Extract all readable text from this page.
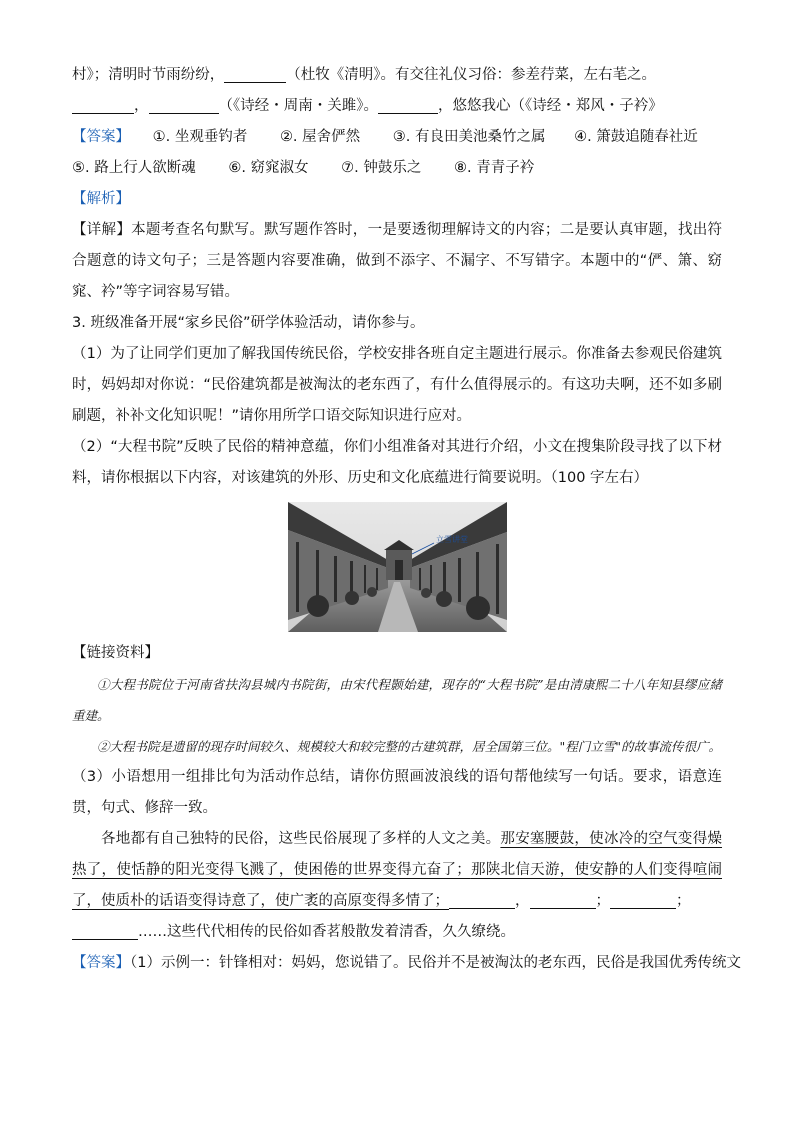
村》；清明时节雨纷纷，	（杜牧《清明》。有交往礼仪习俗：参差荇菜，左右芼之。

，	（《诗经・周南・关雎》。	，悠悠我心（《诗经・郑风・子衿》

【答案】 ①. 坐观垂钓者 ②. 屋舍俨然 ③. 有良田美池桑竹之属 ④. 箫鼓追随春社近

⑤. 路上行人欲断魂 ⑥. 窈窕淑女 ⑦. 钟鼓乐之 ⑧. 青青子衿

【解析】

【详解】本题考查名句默写。默写题作答时，一是要透彻理解诗文的内容；二是要认真审题，找出符合题意的诗文句子；三是答题内容要准确，做到不添字、不漏字、不写错字。本题中的“俨、箫、窈窕、衿”等字词容易写错。

3. 班级准备开展“家乡民俗”研学体验活动，请你参与。

（1）为了让同学们更加了解我国传统民俗，学校安排各班自定主题进行展示。你准备去参观民俗建筑时，妈妈却对你说：“民俗建筑都是被淘汰的老东西了，有什么值得展示的。有这功夫啊，还不如多刷刷题，补补文化知识呢！”请你用所学口语交际知识进行应对。

（2）“大程书院”反映了民俗的精神意蕴，你们小组准备对其进行介绍，小文在搜集阶段寻找了以下材料，请你根据以下内容，对该建筑的外形、历史和文化底蕴进行简要说明。（100 字左右）

立雪讲堂

【链接资料】

①大程书院位于河南省扶沟县城内书院街，由宋代程颢始建，现存的“大程书院”是由清康熙二十八年知县缪应緒重建。

②大程书院是遗留的现存时间较久、规模较大和较完整的古建筑群，居全国第三位。"程门立雪"的故事流传很广。

（3）小语想用一组排比句为活动作总结，请你仿照画波浪线的语句帮他续写一句话。要求，语意连贯，句式、修辞一致。

各地都有自己独特的民俗，这些民俗展现了多样的人文之美。那安塞腰鼓，使冰冷的空气变得燥热了，使恬静的阳光变得飞溅了，使困倦的世界变得亢奋了；那陕北信天游，使安静的人们变得喧闹了，使质朴的话语变得诗意了，使广袤的高原变得多情了；	，	；	；

……这些代代相传的民俗如香茗般散发着清香，久久缭绕。

【答案】（1）示例一：针锋相对：妈妈，您说错了。民俗并不是被淘汰的老东西，民俗是我国优秀传统文
